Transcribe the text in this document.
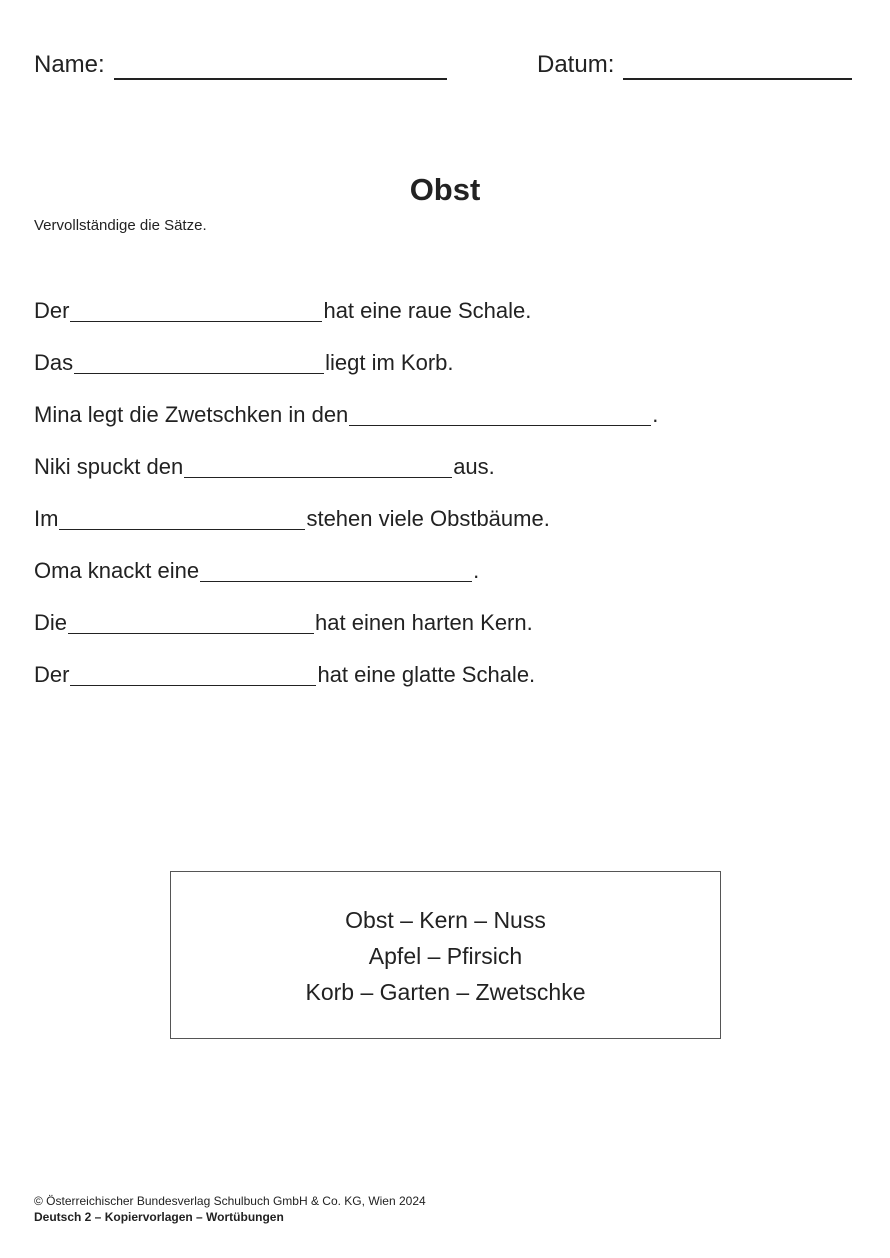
Name:	Datum:
Obst

Vervollständige die Sätze.

Der	hat eine raue Schale.
Das	liegt im Korb.
Mina legt die Zwetschken in den	.
Niki spuckt den	aus.
Im	stehen viele Obstbäume.
Oma knackt eine	.
Die	hat einen harten Kern.
Der	hat eine glatte Schale.
Obst – Kern – Nuss
Apfel – Pfirsich
Korb – Garten – Zwetschke
© Österreichischer Bundesverlag Schulbuch GmbH & Co. KG, Wien 2024
Deutsch 2 – Kopiervorlagen – Wortübungen
